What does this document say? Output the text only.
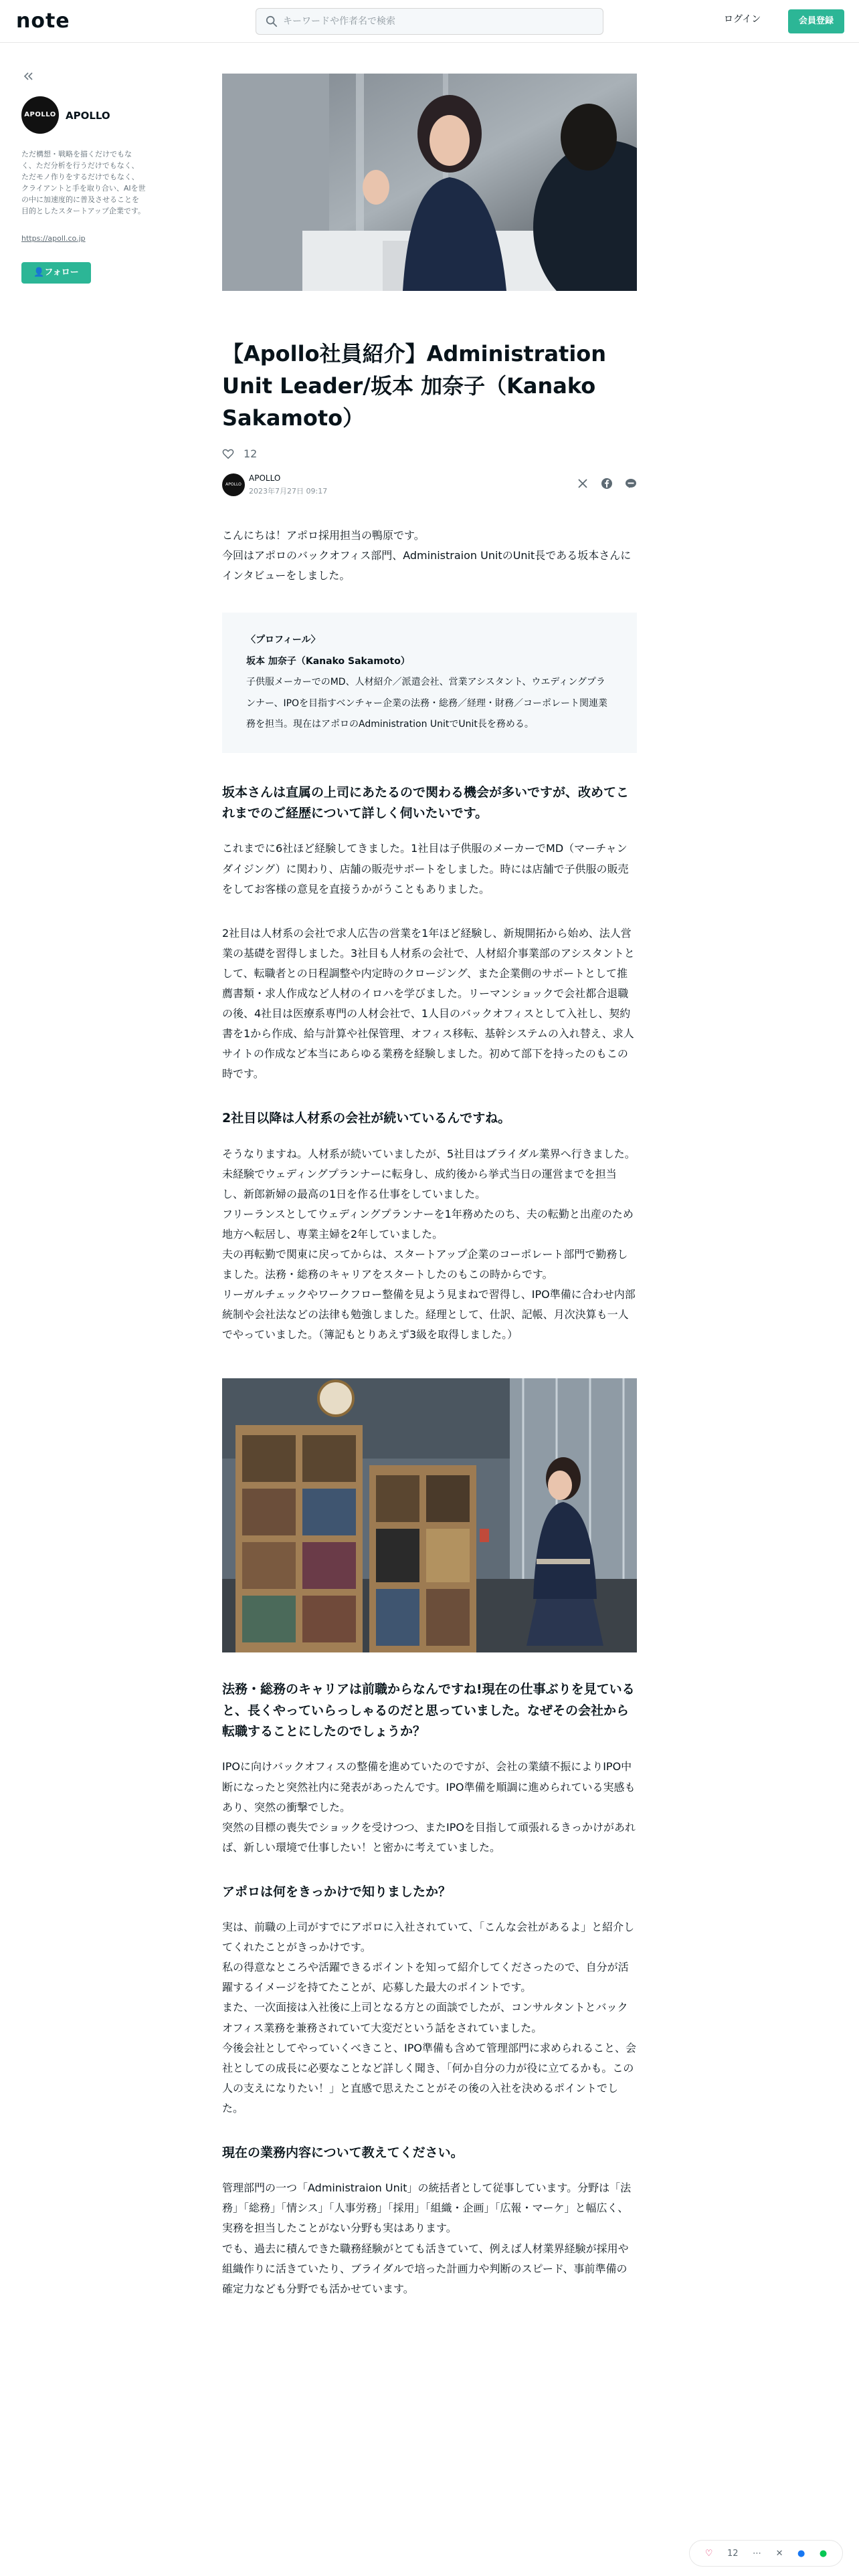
note
キーワードや作者名で検索	ログイン	会員登録
APOLLO APOLLO
ただ構想・戦略を描くだけでもなく、ただ分析を行うだけでもなく、ただモノ作りをするだけでもなく、クライアントと手を取り合い、AIを世の中に加速度的に普及させることを目的としたスタートアップ企業です。
https://apoll.co.jp
👤フォロー
【Apollo社員紹介】Administration Unit Leader/坂本 加奈子（Kanako Sakamoto）
12
APOLLO
APOLLO
2023年7月27日 09:17

こんにちは！アポロ採用担当の鴨原です。

今回はアポロのバックオフィス部門、Administraion UnitのUnit長である坂本さんにインタビューをしました。

〈プロフィール〉

坂本 加奈子（Kanako Sakamoto）

子供服メーカーでのMD、人材紹介／派遣会社、営業アシスタント、ウエディングプランナー、IPOを目指すベンチャー企業の法務・総務／経理・財務／コーポレート関連業務を担当。現在はアポロのAdministration UnitでUnit長を務める。

坂本さんは直属の上司にあたるので関わる機会が多いですが、改めてこれまでのご経歴について詳しく伺いたいです。

これまでに6社ほど経験してきました。1社目は子供服のメーカーでMD（マーチャンダイジング）に関わり、店舗の販売サポートをしました。時には店舗で子供服の販売をしてお客様の意見を直接うかがうこともありました。

2社目は人材系の会社で求人広告の営業を1年ほど経験し、新規開拓から始め、法人営業の基礎を習得しました。3社目も人材系の会社で、人材紹介事業部のアシスタントとして、転職者との日程調整や内定時のクロージング、また企業側のサポートとして推薦書類・求人作成など人材のイロハを学びました。リーマンショックで会社都合退職の後、4社目は医療系専門の人材会社で、1人目のバックオフィスとして入社し、契約書を1から作成、給与計算や社保管理、オフィス移転、基幹システムの入れ替え、求人サイトの作成など本当にあらゆる業務を経験しました。初めて部下を持ったのもこの時です。

2社目以降は人材系の会社が続いているんですね。

そうなりますね。人材系が続いていましたが、5社目はブライダル業界へ行きました。未経験でウェディングプランナーに転身し、成約後から挙式当日の運営までを担当し、新郎新婦の最高の1日を作る仕事をしていました。

フリーランスとしてウェディングプランナーを1年務めたのち、夫の転勤と出産のため地方へ転居し、専業主婦を2年していました。

夫の再転勤で関東に戻ってからは、スタートアップ企業のコーポレート部門で勤務しました。法務・総務のキャリアをスタートしたのもこの時からです。

リーガルチェックやワークフロー整備を見よう見まねで習得し、IPO準備に合わせ内部統制や会社法などの法律も勉強しました。経理として、仕訳、記帳、月次決算も一人でやっていました。（簿記もとりあえず3級を取得しました。）

法務・総務のキャリアは前職からなんですね!現在の仕事ぶりを見ていると、長くやっていらっしゃるのだと思っていました。なぜその会社から転職することにしたのでしょうか？

IPOに向けバックオフィスの整備を進めていたのですが、会社の業績不振によりIPO中断になったと突然社内に発表があったんです。IPO準備を順調に進められている実感もあり、突然の衝撃でした。

突然の目標の喪失でショックを受けつつ、またIPOを目指して頑張れるきっかけがあれば、新しい環境で仕事したい！と密かに考えていました。

アポロは何をきっかけで知りましたか？

実は、前職の上司がすでにアポロに入社されていて、「こんな会社があるよ」と紹介してくれたことがきっかけです。

私の得意なところや活躍できるポイントを知って紹介してくださったので、自分が活躍するイメージを持てたことが、応募した最大のポイントです。

また、一次面接は入社後に上司となる方との面談でしたが、コンサルタントとバックオフィス業務を兼務されていて大変だという話をされていました。

今後会社としてやっていくべきこと、IPO準備も含めて管理部門に求められること、会社としての成長に必要なことなど詳しく聞き、「何か自分の力が役に立てるかも。この人の支えになりたい！」と直感で思えたことがその後の入社を決めるポイントでした。

現在の業務内容について教えてください。

管理部門の一つ「Administraion Unit」の統括者として従事しています。分野は「法務」「総務」「情シス」「人事労務」「採用」「組織・企画」「広報・マーケ」と幅広く、実務を担当したことがない分野も実はあります。

でも、過去に積んできた職務経験がとても活きていて、例えば人材業界経験が採用や組織作りに活きていたり、ブライダルで培った計画力や判断のスピード、事前準備の確定力なども分野でも活かせています。

♡ 12 ⋯ ✕ ● ●
